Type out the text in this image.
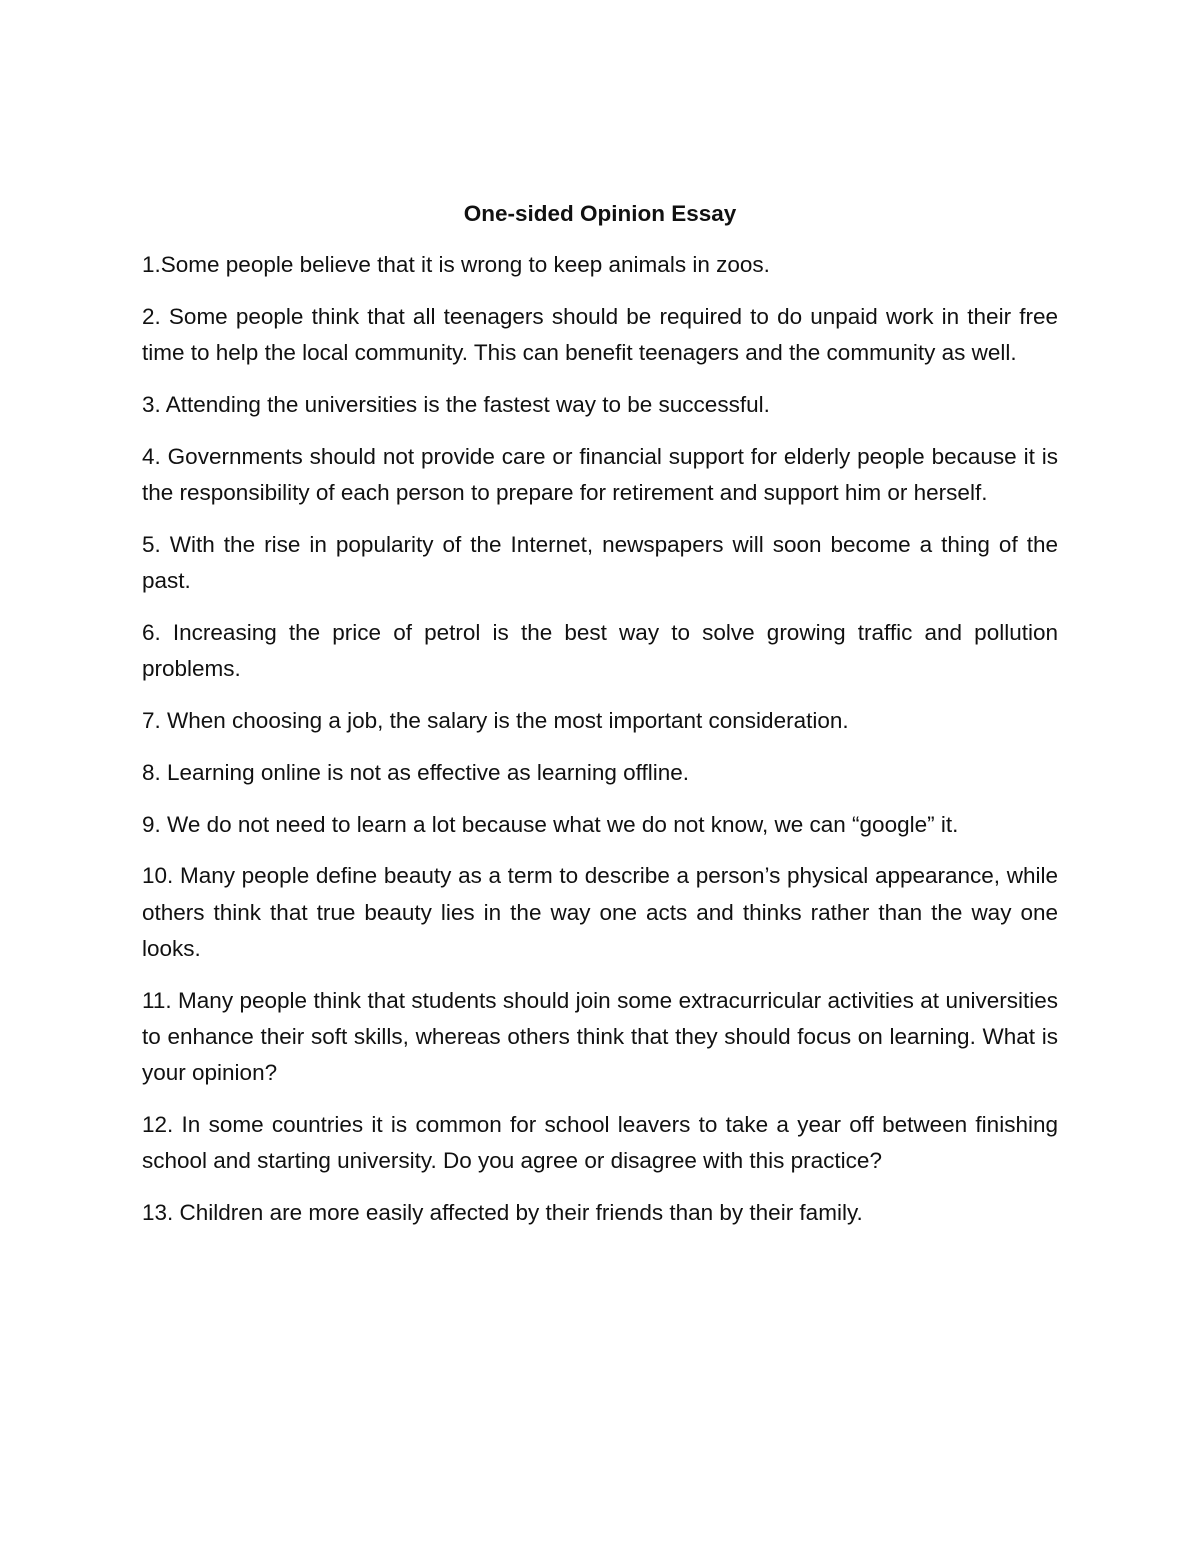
One-sided Opinion Essay
1.Some people believe that it is wrong to keep animals in zoos.
2. Some people think that all teenagers should be required to do unpaid work in their free time to help the local community. This can benefit teenagers and the community as well.
3. Attending the universities is the fastest way to be successful.
4. Governments should not provide care or financial support for elderly people because it is the responsibility of each person to prepare for retirement and support him or herself.
5. With the rise in popularity of the Internet, newspapers will soon become a thing of the past.
6. Increasing the price of petrol is the best way to solve growing traffic and pollution problems.
7. When choosing a job, the salary is the most important consideration.
8. Learning online is not as effective as learning offline.
9. We do not need to learn a lot because what we do not know, we can “google” it.
10. Many people define beauty as a term to describe a person’s physical appearance, while others think that true beauty lies in the way one acts and thinks rather than the way one looks.
11. Many people think that students should join some extracurricular activities at universities to enhance their soft skills, whereas others think that they should focus on learning. What is your opinion?
12. In some countries it is common for school leavers to take a year off between finishing school and starting university. Do you agree or disagree with this practice?
13. Children are more easily affected by their friends than by their family.
